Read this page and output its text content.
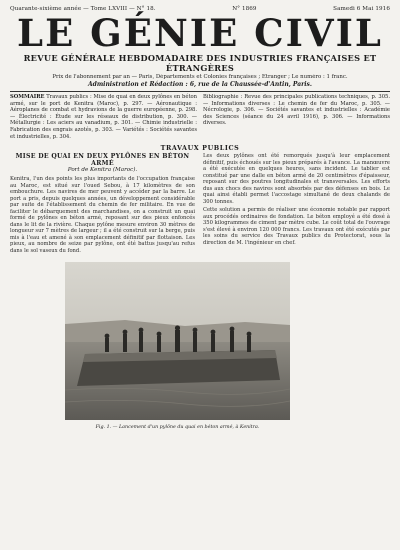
Quarante-sixième année — Tome LXVIII — N° 18.	N° 1869	Samedi 6 Mai 1916
LE GÉNIE CIVIL
REVUE GÉNÉRALE HEBDOMADAIRE DES INDUSTRIES FRANÇAISES ET ÉTRANGÈRES
Prix de l'abonnement par an — Paris, Départements et Colonies françaises ; Étranger ; Le numéro : 1 franc.
Administration et Rédaction : 6, rue de la Chaussée-d'Antin, Paris.
SOMMAIRE Travaux publics : Mise de quai en deux pylônes en béton armé, sur le port de Kenitra (Maroc), p. 297. — Aéronautique : Aéroplanes de combat et hydravions de la guerre européenne, p. 298. — Électricité : Étude sur les réseaux de distribution, p. 300. — Métallurgie : Les aciers au vanadium, p. 301. — Chimie industrielle : Fabrication des engrais azotés, p. 303. — Variétés : Sociétés savantes et industrielles, p. 304.
Bibliographie : Revue des principales publications techniques, p. 305. — Informations diverses : Le chemin de fer du Maroc, p. 305. — Nécrologie, p. 306. — Sociétés savantes et industrielles : Académie des Sciences (séance du 24 avril 1916), p. 306. — Informations diverses.
TRAVAUX PUBLICS
MISE DE QUAI EN DEUX PYLÔNES EN BÉTON ARMÉ
Port de Kenitra (Maroc).
Kenitra, l'un des points les plus importants de l'occupation française au Maroc, est situé sur l'oued Sebou, à 17 kilomètres de son embouchure. Les navires de mer peuvent y accéder par la barre. Le port a pris, depuis quelques années, un développement considérable par suite de l'établissement du chemin de fer militaire. En vue de faciliter le débarquement des marchandises, on a construit un quai formé de pylônes en béton armé, reposant sur des pieux enfoncés dans le lit de la rivière. Chaque pylône mesure environ 30 mètres de longueur sur 7 mètres de largeur ; il a été construit sur la berge, puis mis à l'eau et amené à son emplacement définitif par flottaison. Les pieux, au nombre de seize par pylône, ont été battus jusqu'au refus dans le sol vaseux du fond.
Les deux pylônes ont été remorqués jusqu'à leur emplacement définitif, puis échoués sur les pieux préparés à l'avance. La manœuvre a été exécutée en quelques heures, sans incident. Le tablier est constitué par une dalle en béton armé de 20 centimètres d'épaisseur, reposant sur des poutres longitudinales et transversales. Les efforts dus aux chocs des navires sont absorbés par des défenses en bois. Le quai ainsi établi permet l'accostage simultané de deux chalands de 300 tonnes.
Cette solution a permis de réaliser une économie notable par rapport aux procédés ordinaires de fondation. Le béton employé a été dosé à 350 kilogrammes de ciment par mètre cube. Le coût total de l'ouvrage s'est élevé à environ 120 000 francs. Les travaux ont été exécutés par les soins du service des Travaux publics du Protectorat, sous la direction de M. l'ingénieur en chef.
Fig. 1. — Lancement d'un pylône du quai en béton armé, à Kenitra.
